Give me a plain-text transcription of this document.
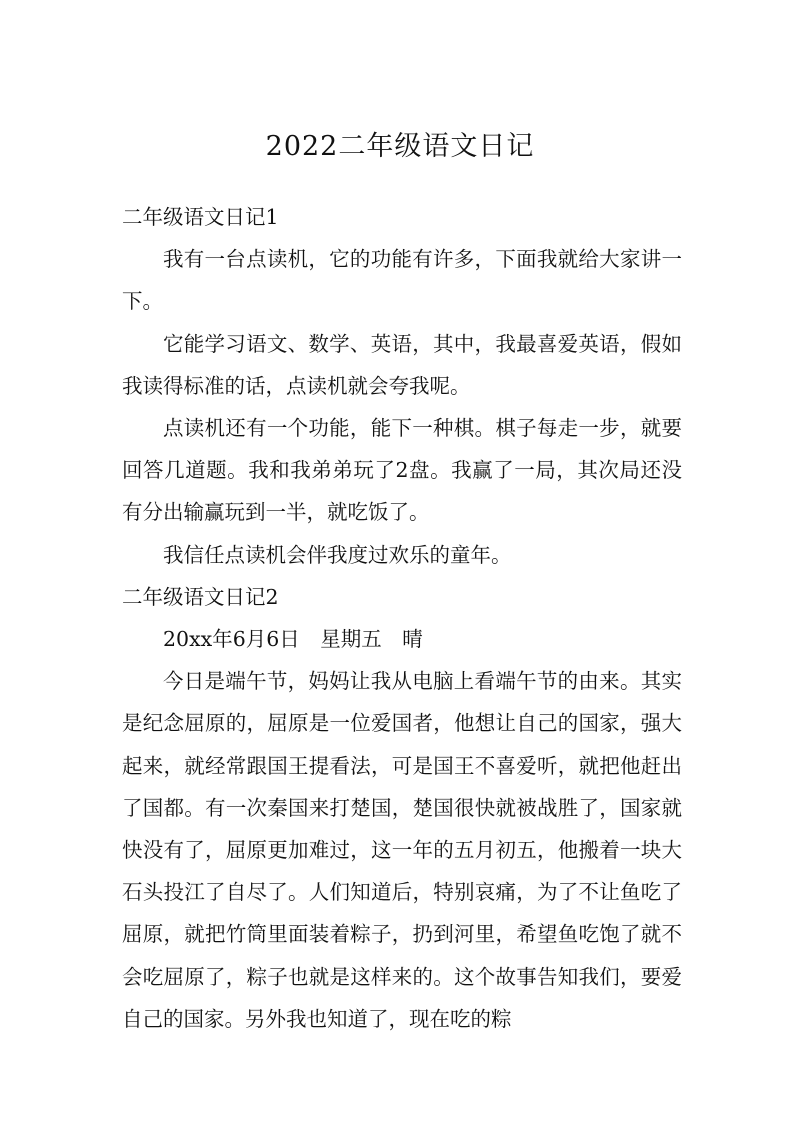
2022二年级语文日记

二年级语文日记1

我有一台点读机，它的功能有许多，下面我就给大家讲一下。

它能学习语文、数学、英语，其中，我最喜爱英语，假如我读得标准的话，点读机就会夸我呢。

点读机还有一个功能，能下一种棋。棋子每走一步，就要回答几道题。我和我弟弟玩了2盘。我赢了一局，其次局还没有分出输赢玩到一半，就吃饭了。

我信任点读机会伴我度过欢乐的童年。

二年级语文日记2

20xx年6月6日　星期五　晴

今日是端午节，妈妈让我从电脑上看端午节的由来。其实是纪念屈原的，屈原是一位爱国者，他想让自己的国家，强大起来，就经常跟国王提看法，可是国王不喜爱听，就把他赶出了国都。有一次秦国来打楚国，楚国很快就被战胜了，国家就快没有了，屈原更加难过，这一年的五月初五，他搬着一块大石头投江了自尽了。人们知道后，特别哀痛，为了不让鱼吃了屈原，就把竹筒里面装着粽子，扔到河里，希望鱼吃饱了就不会吃屈原了，粽子也就是这样来的。这个故事告知我们，要爱自己的国家。另外我也知道了，现在吃的粽
